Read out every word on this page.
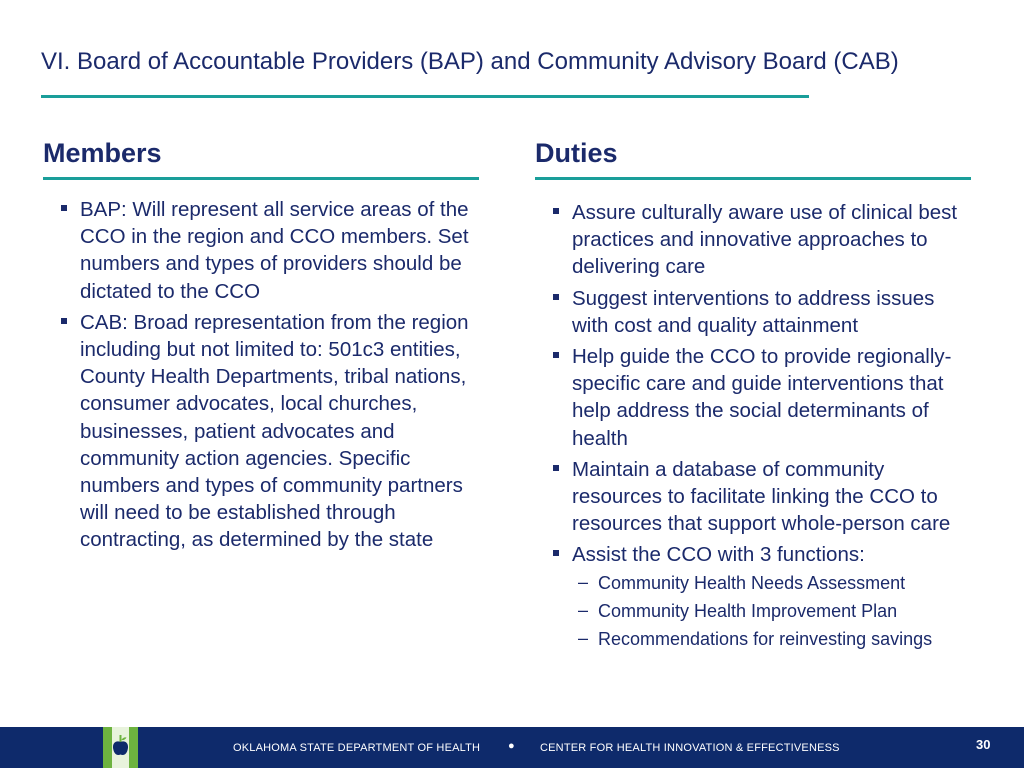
VI. Board of Accountable Providers (BAP) and Community Advisory Board (CAB)
Members
BAP: Will represent all service areas of the CCO in the region and CCO members. Set numbers and types of providers should be dictated to the CCO
CAB: Broad representation from the region including but not limited to: 501c3 entities, County Health Departments, tribal nations, consumer advocates, local churches, businesses, patient advocates and community action agencies. Specific numbers and types of community partners will need to be established through contracting, as determined by the state
Duties
Assure culturally aware use of clinical best practices and innovative approaches to delivering care
Suggest interventions to address issues with cost and quality attainment
Help guide the CCO to provide regionally-specific care and guide interventions that help address the social determinants of health
Maintain a database of community resources to facilitate linking the CCO to resources that support whole-person care
Assist the CCO with 3 functions:
– Community Health Needs Assessment
– Community Health Improvement Plan
– Recommendations for reinvesting savings
OKLAHOMA STATE DEPARTMENT OF HEALTH	● CENTER FOR HEALTH INNOVATION & EFFECTIVENESS	30
